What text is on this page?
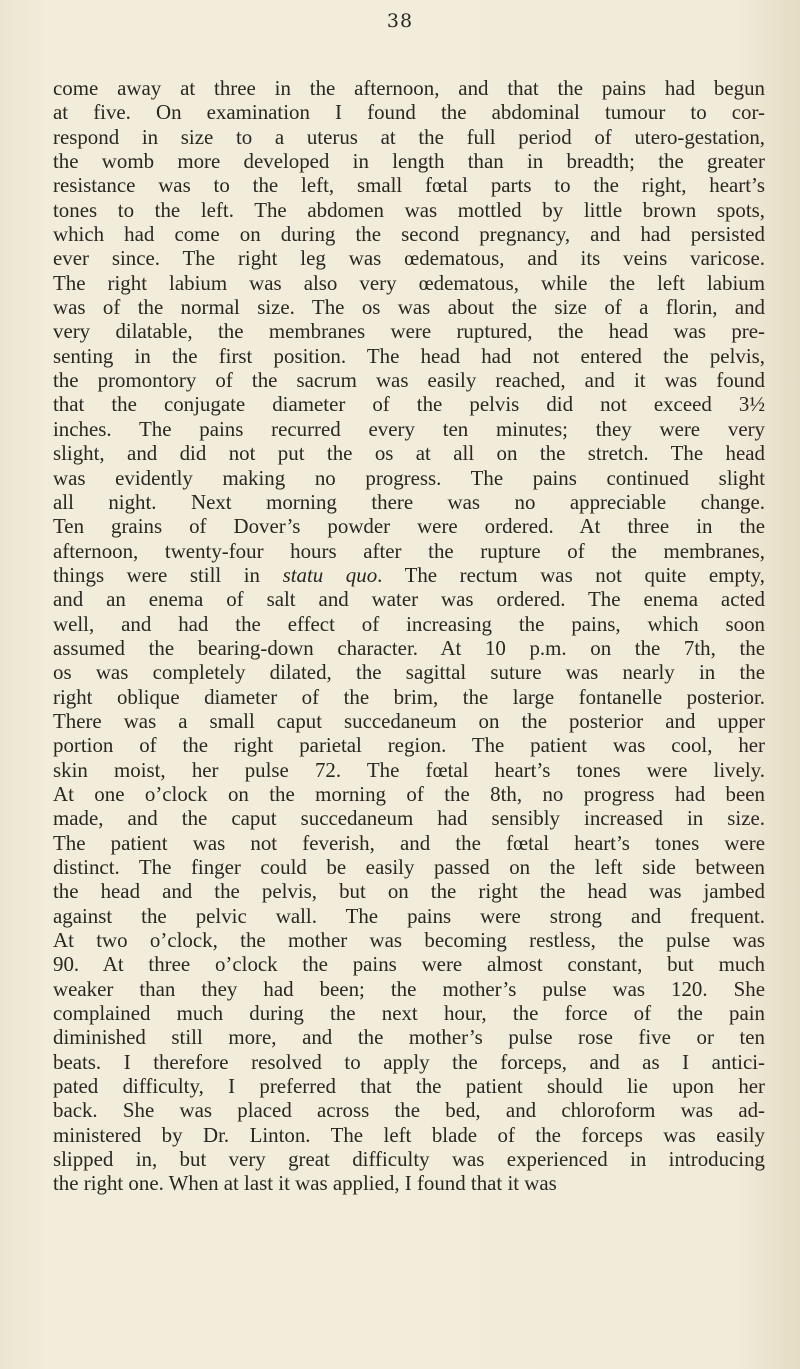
38
come away at three in the afternoon, and that the pains had begun
at five. On examination I found the abdominal tumour to cor-
respond in size to a uterus at the full period of utero-gestation,
the womb more developed in length than in breadth; the greater
resistance was to the left, small fœtal parts to the right, heart’s
tones to the left. The abdomen was mottled by little brown spots,
which had come on during the second pregnancy, and had persisted
ever since. The right leg was œdematous, and its veins varicose.
The right labium was also very œdematous, while the left labium
was of the normal size. The os was about the size of a florin, and
very dilatable, the membranes were ruptured, the head was pre-
senting in the first position. The head had not entered the pelvis,
the promontory of the sacrum was easily reached, and it was found
that the conjugate diameter of the pelvis did not exceed 3½
inches. The pains recurred every ten minutes; they were very
slight, and did not put the os at all on the stretch. The head
was evidently making no progress. The pains continued slight
all night. Next morning there was no appreciable change.
Ten grains of Dover’s powder were ordered. At three in the
afternoon, twenty-four hours after the rupture of the membranes,
things were still in statu quo. The rectum was not quite empty,
and an enema of salt and water was ordered. The enema acted
well, and had the effect of increasing the pains, which soon
assumed the bearing-down character. At 10 p.m. on the 7th, the
os was completely dilated, the sagittal suture was nearly in the
right oblique diameter of the brim, the large fontanelle posterior.
There was a small caput succedaneum on the posterior and upper
portion of the right parietal region. The patient was cool, her
skin moist, her pulse 72. The fœtal heart’s tones were lively.
At one o’clock on the morning of the 8th, no progress had been
made, and the caput succedaneum had sensibly increased in size.
The patient was not feverish, and the fœtal heart’s tones were
distinct. The finger could be easily passed on the left side between
the head and the pelvis, but on the right the head was jambed
against the pelvic wall. The pains were strong and frequent.
At two o’clock, the mother was becoming restless, the pulse was
90. At three o’clock the pains were almost constant, but much
weaker than they had been; the mother’s pulse was 120. She
complained much during the next hour, the force of the pain
diminished still more, and the mother’s pulse rose five or ten
beats. I therefore resolved to apply the forceps, and as I antici-
pated difficulty, I preferred that the patient should lie upon her
back. She was placed across the bed, and chloroform was ad-
ministered by Dr. Linton. The left blade of the forceps was easily
slipped in, but very great difficulty was experienced in introducing
the right one. When at last it was applied, I found that it was
